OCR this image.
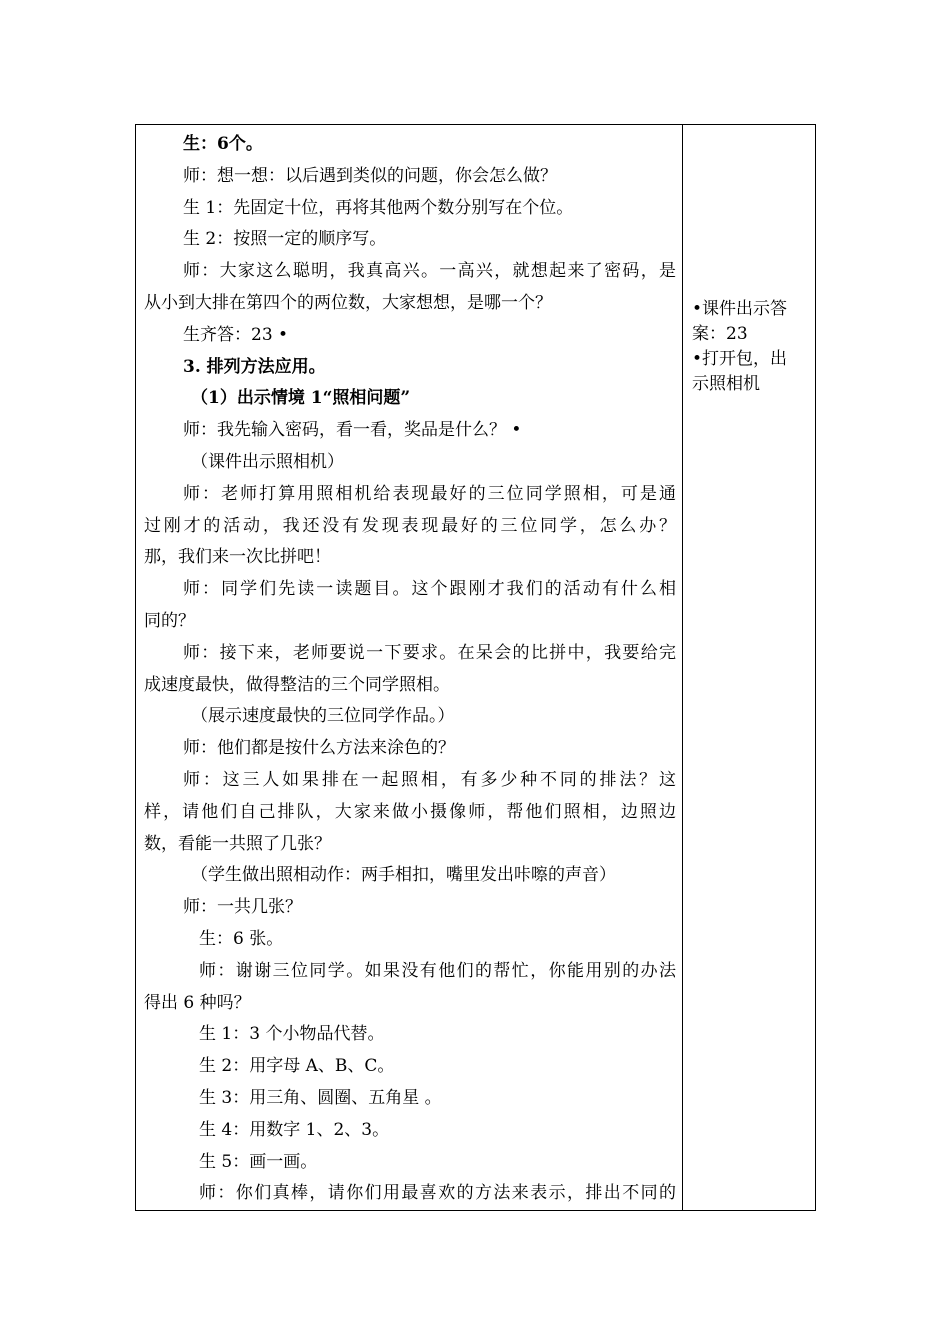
生：6个。
师：想一想：以后遇到类似的问题，你会怎么做？
生 1：先固定十位，再将其他两个数分别写在个位。
生 2：按照一定的顺序写。
师：大家这么聪明，我真高兴。一高兴，就想起来了密码，是
从小到大排在第四个的两位数，大家想想，是哪一个？
生齐答：23 •
3. 排列方法应用。
（1）出示情境 1“照相问题”
师：我先输入密码，看一看，奖品是什么？ •
（课件出示照相机）
师：老师打算用照相机给表现最好的三位同学照相，可是通
过刚才的活动，我还没有发现表现最好的三位同学，怎么办？
那，我们来一次比拼吧！
师：同学们先读一读题目。这个跟刚才我们的活动有什么相
同的？
师：接下来，老师要说一下要求。在呆会的比拼中，我要给完
成速度最快，做得整洁的三个同学照相。
（展示速度最快的三位同学作品。）
师：他们都是按什么方法来涂色的？
师：这三人如果排在一起照相，有多少种不同的排法？这
样，请他们自己排队，大家来做小摄像师，帮他们照相，边照边
数，看能一共照了几张？
（学生做出照相动作：两手相扣，嘴里发出咔嚓的声音）
师：一共几张？
生：6 张。
师：谢谢三位同学。如果没有他们的帮忙，你能用别的办法
得出 6 种吗？
生 1：3 个小物品代替。
生 2：用字母 A、B、C。
生 3：用三角、圆圈、五角星 。
生 4：用数字 1、2、3。
生 5：画一画。
师：你们真棒，请你们用最喜欢的方法来表示，排出不同的
•课件出示答
案：23
•打开包，出
示照相机
